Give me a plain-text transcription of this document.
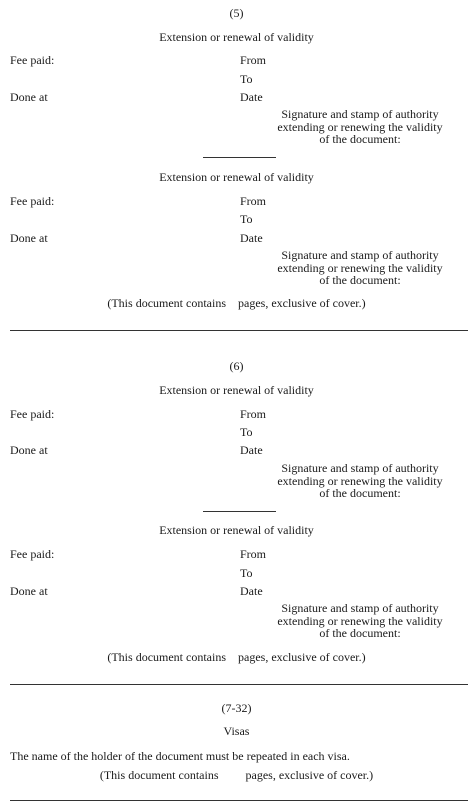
(5)
Extension or renewal of validity
Fee paid:	From
To
Done at	Date
Signature and stamp of authority
extending or renewing the validity
of the document:
Extension or renewal of validity
Fee paid:	From
To
Done at	Date
Signature and stamp of authority
extending or renewing the validity
of the document:
(This document contains    pages, exclusive of cover.)
(6)
Extension or renewal of validity
Fee paid:	From
To
Done at	Date
Signature and stamp of authority
extending or renewing the validity
of the document:
Extension or renewal of validity
Fee paid:	From
To
Done at	Date
Signature and stamp of authority
extending or renewing the validity
of the document:
(This document contains    pages, exclusive of cover.)
(7-32)
Visas
The name of the holder of the document must be repeated in each visa.
(This document contains         pages, exclusive of cover.)
